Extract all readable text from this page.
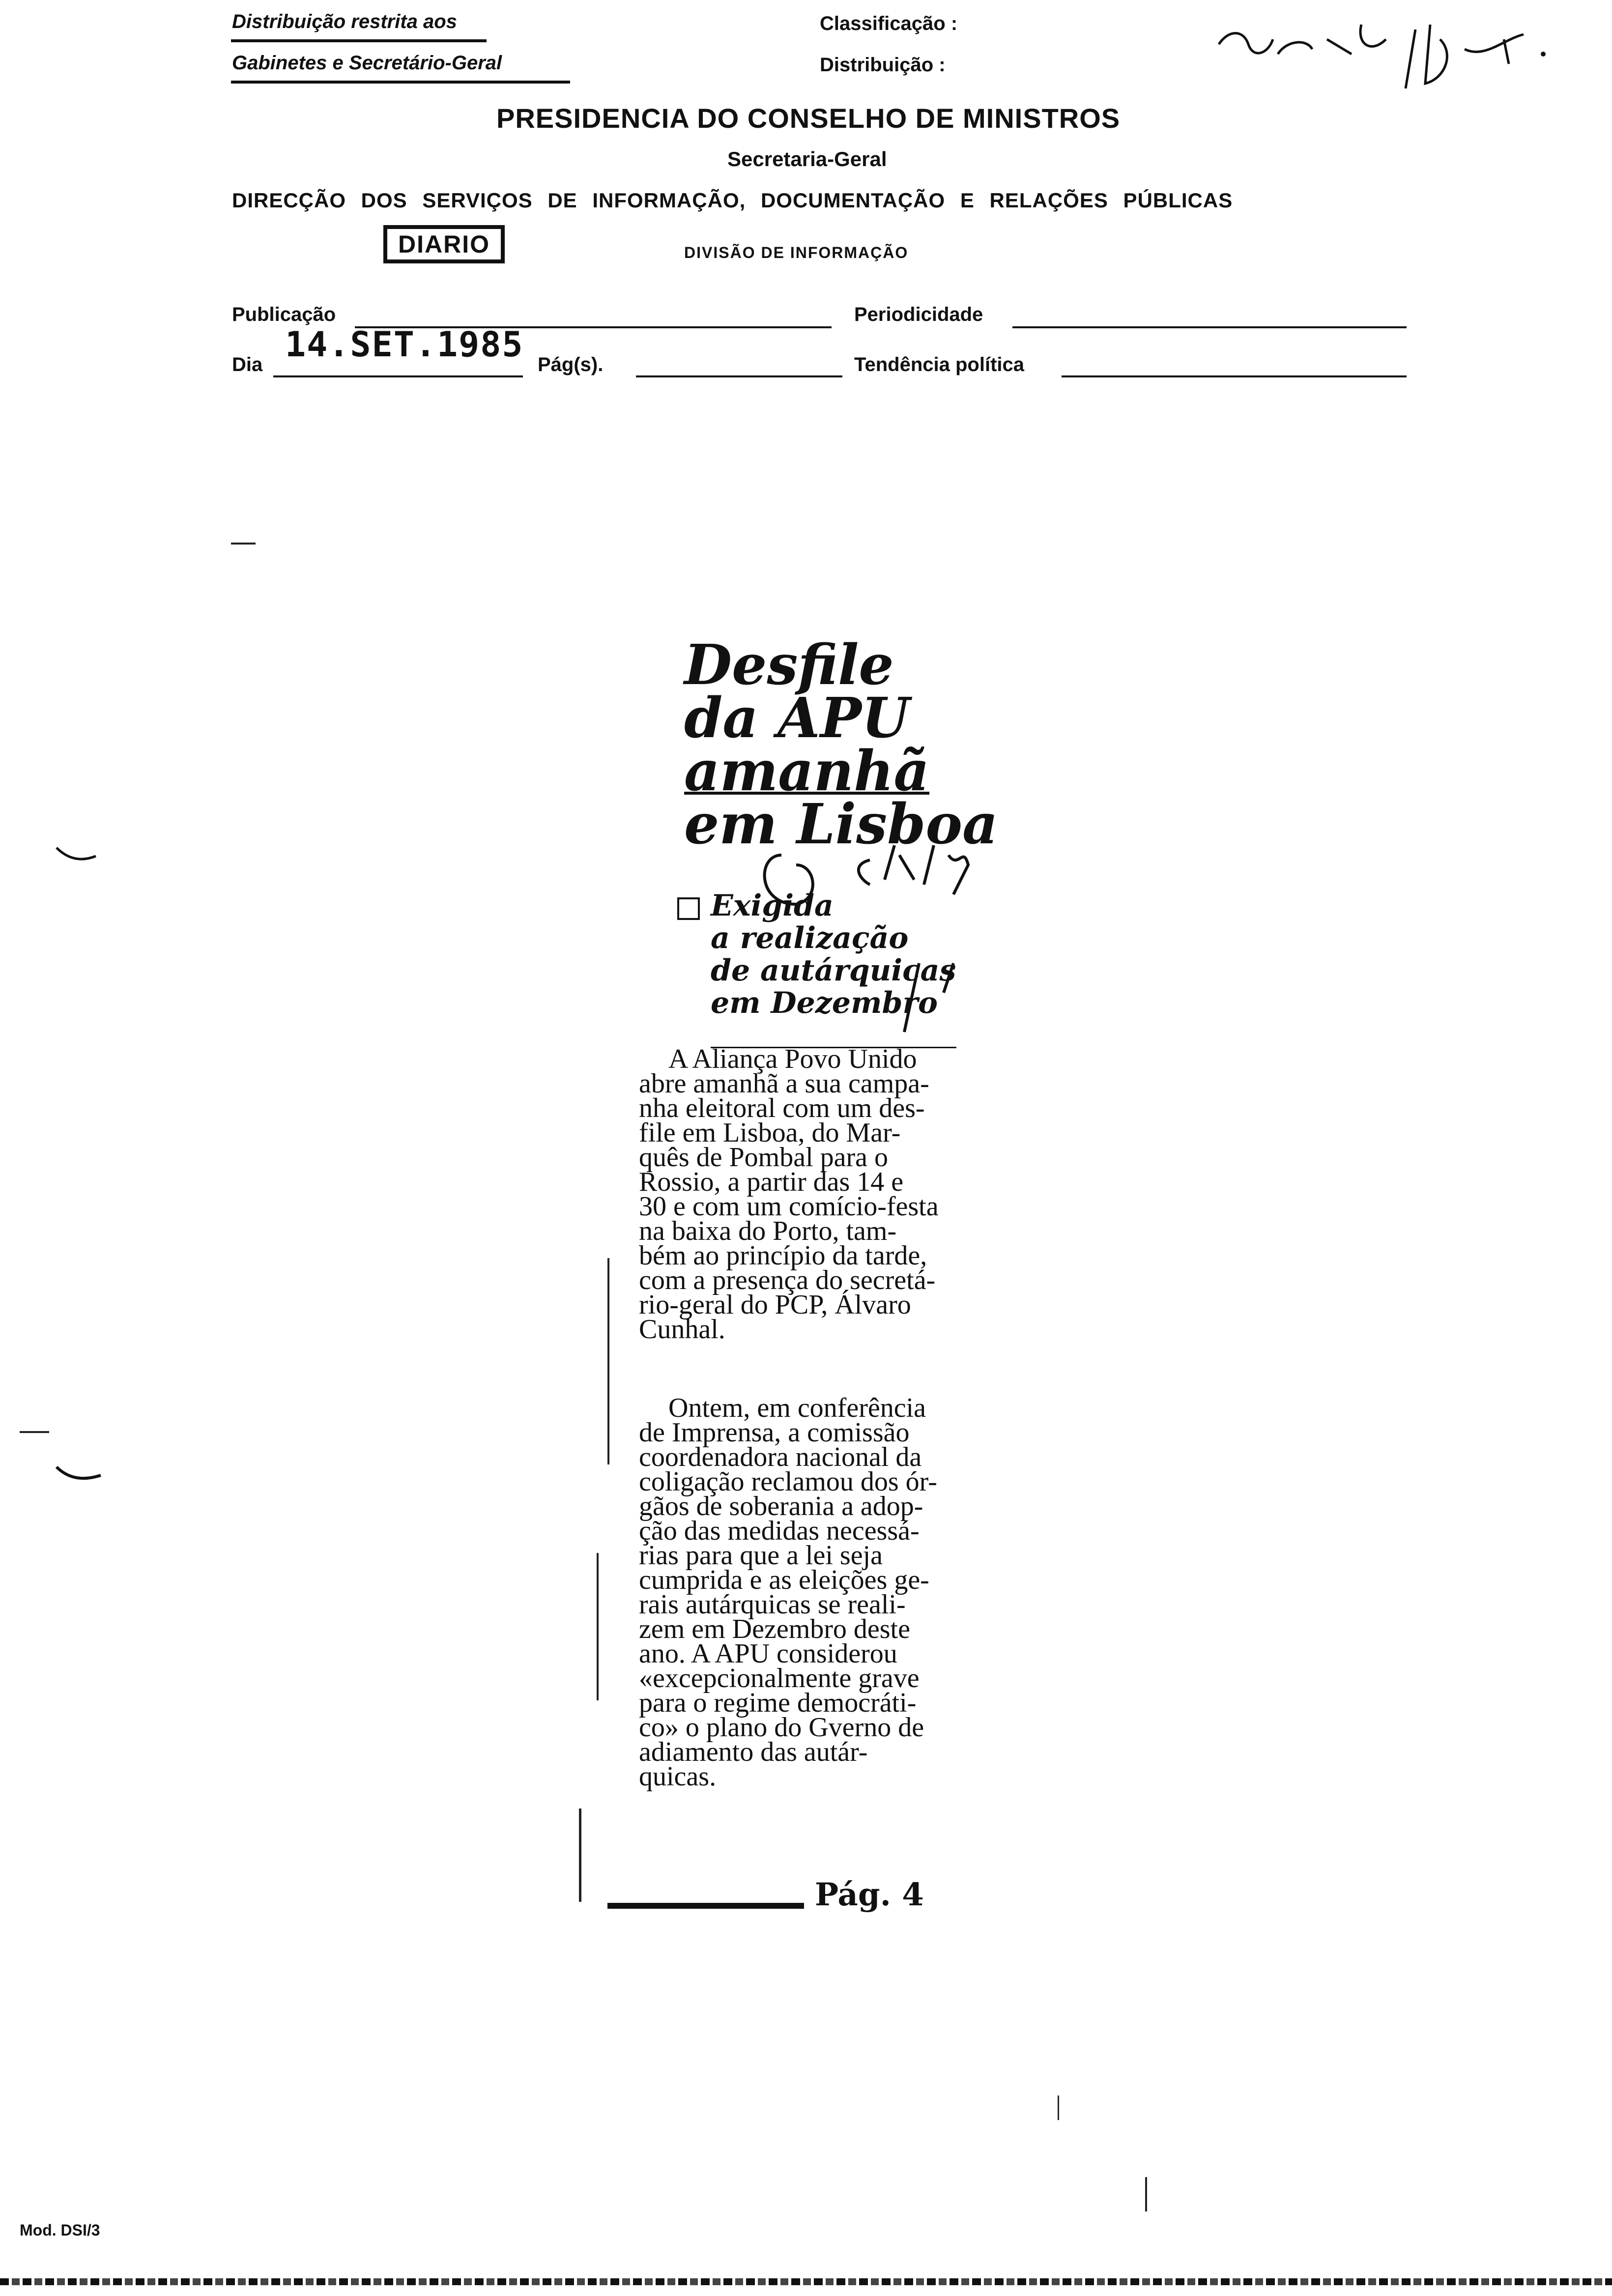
Distribuição restrita aos
Gabinetes e Secretário-Geral
Classificação :
Distribuição :
PRESIDENCIA DO CONSELHO DE MINISTROS
Secretaria-Geral
DIRECÇÃO DOS SERVIÇOS DE INFORMAÇÃO, DOCUMENTAÇÃO E RELAÇÕES PÚBLICAS
DIARIO	DIVISÃO DE INFORMAÇÃO
Publicação	Periodicidade
Dia 14.SET.1985 Pág(s).	Tendência política
Desfile
da APU
amanhã
em Lisboa
Exigida
a realização
de autárquicas
em Dezembro
A Aliança Povo Unido
abre amanhã a sua campa-
nha eleitoral com um des-
file em Lisboa, do Mar-
quês de Pombal para o
Rossio, a partir das 14 e
30 e com um comício-festa
na baixa do Porto, tam-
bém ao princípio da tarde,
com a presença do secretá-
rio-geral do PCP, Álvaro
Cunhal.
Ontem, em conferência
de Imprensa, a comissão
coordenadora nacional da
coligação reclamou dos ór-
gãos de soberania a adop-
ção das medidas necessá-
rias para que a lei seja
cumprida e as eleições ge-
rais autárquicas se reali-
zem em Dezembro deste
ano. A APU considerou
«excepcionalmente grave
para o regime democráti-
co» o plano do Gverno de
adiamento das autár-
quicas.
Pág. 4
Mod. DSI/3
